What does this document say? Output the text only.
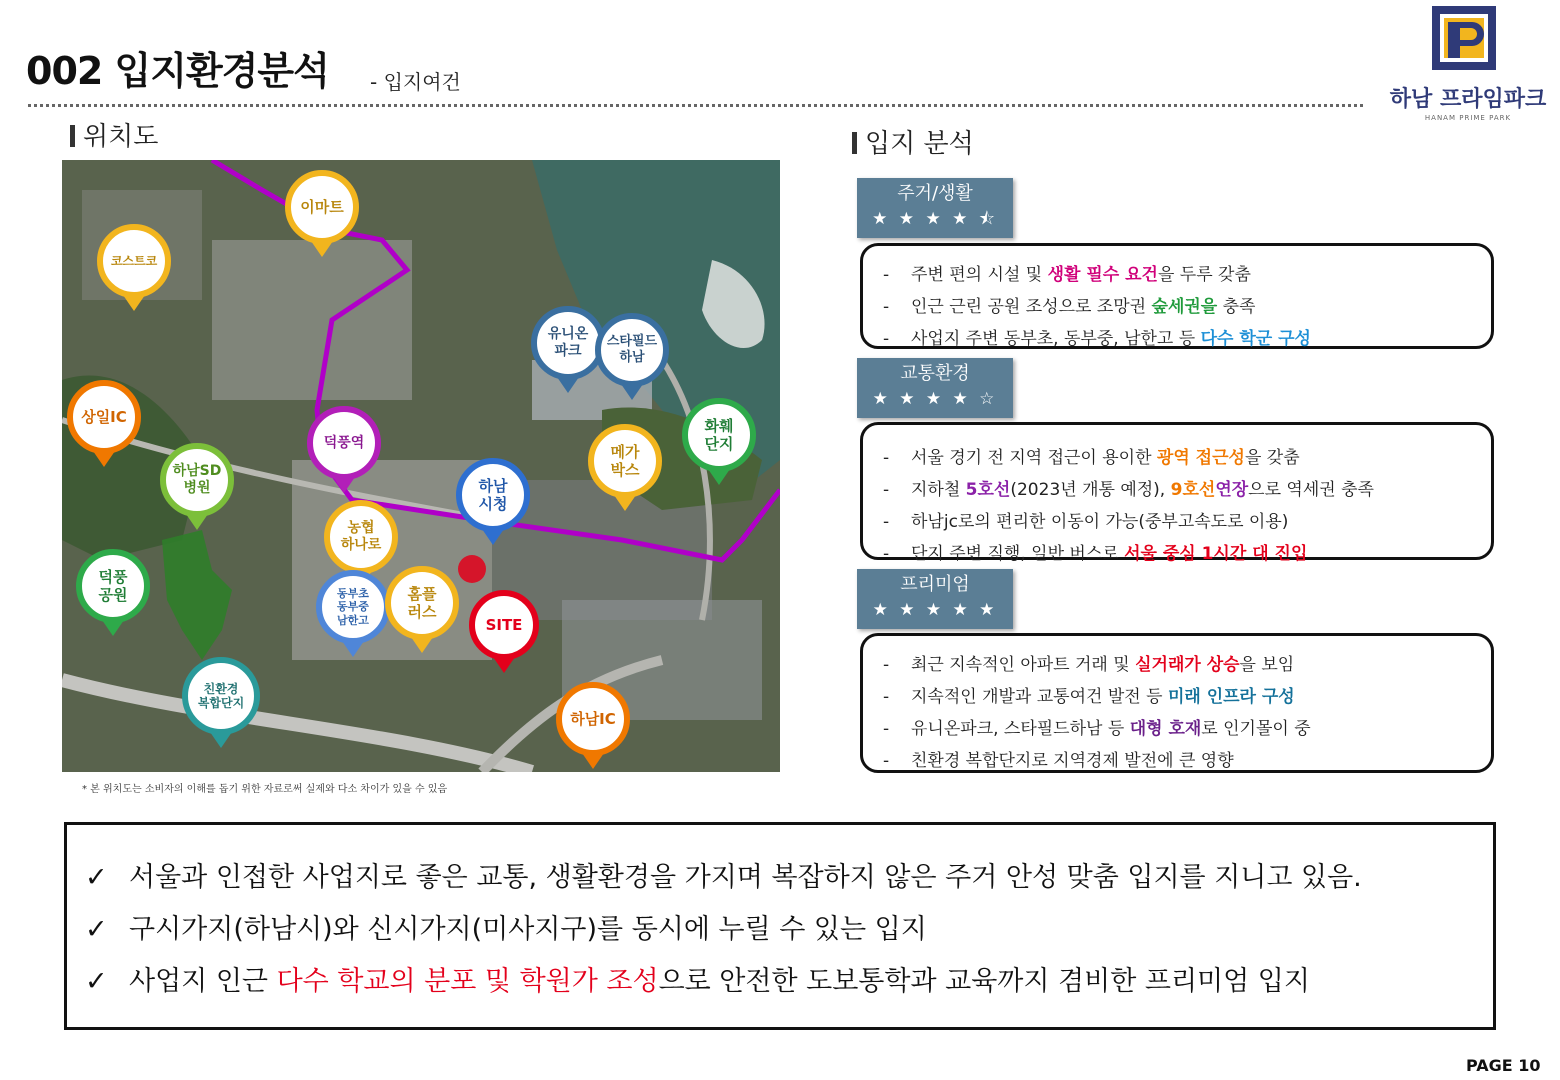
002 입지환경분석 - 입지여건
하남 프라임파크
HANAM PRIME PARK
위치도
이마트
코스트코
유니온
파크
스타필드
하남
상일IC
덕풍역
화훼
단지
메가
박스
하남SD
병원	하남
시청
농협
하나로
덕풍
공원	동부초
동부중
남한고
홈플
러스
SITE
친환경
복합단지
하남IC
* 본 위치도는 소비자의 이해를 돕기 위한 자료로써 실제와 다소 차이가 있을 수 있음
입지 분석
- 주변 편의 시설 및 생활 필수 요건을 두루 갖춤
- 인근 근린 공원 조성으로 조망권 숲세권을 충족
- 사업지 주변 동부초, 동부중, 남한고 등 다수 학군 구성
주거/생활
★ ★ ★ ★ ⯪
- 서울 경기 전 지역 접근이 용이한 광역 접근성을 갖춤
- 지하철 5호선(2023년 개통 예정), 9호선연장으로 역세권 충족
- 하남jc로의 편리한 이동이 가능(중부고속도로 이용)
- 단지 주변 직행, 일반 버스로 서울 중심 1시간 대 진입
교통환경
★ ★ ★ ★ ☆
- 최근 지속적인 아파트 거래 및 실거래가 상승을 보임
- 지속적인 개발과 교통여건 발전 등 미래 인프라 구성
- 유니온파크, 스타필드하남 등 대형 호재로 인기몰이 중
- 친환경 복합단지로 지역경제 발전에 큰 영향
프리미엄
★ ★ ★ ★ ★
✓ 서울과 인접한 사업지로 좋은 교통, 생활환경을 가지며 복잡하지 않은 주거 안성 맞춤 입지를 지니고 있음.
✓ 구시가지(하남시)와 신시가지(미사지구)를 동시에 누릴 수 있는 입지
✓ 사업지 인근 다수 학교의 분포 및 학원가 조성으로 안전한 도보통학과 교육까지 겸비한 프리미엄 입지
PAGE 10
